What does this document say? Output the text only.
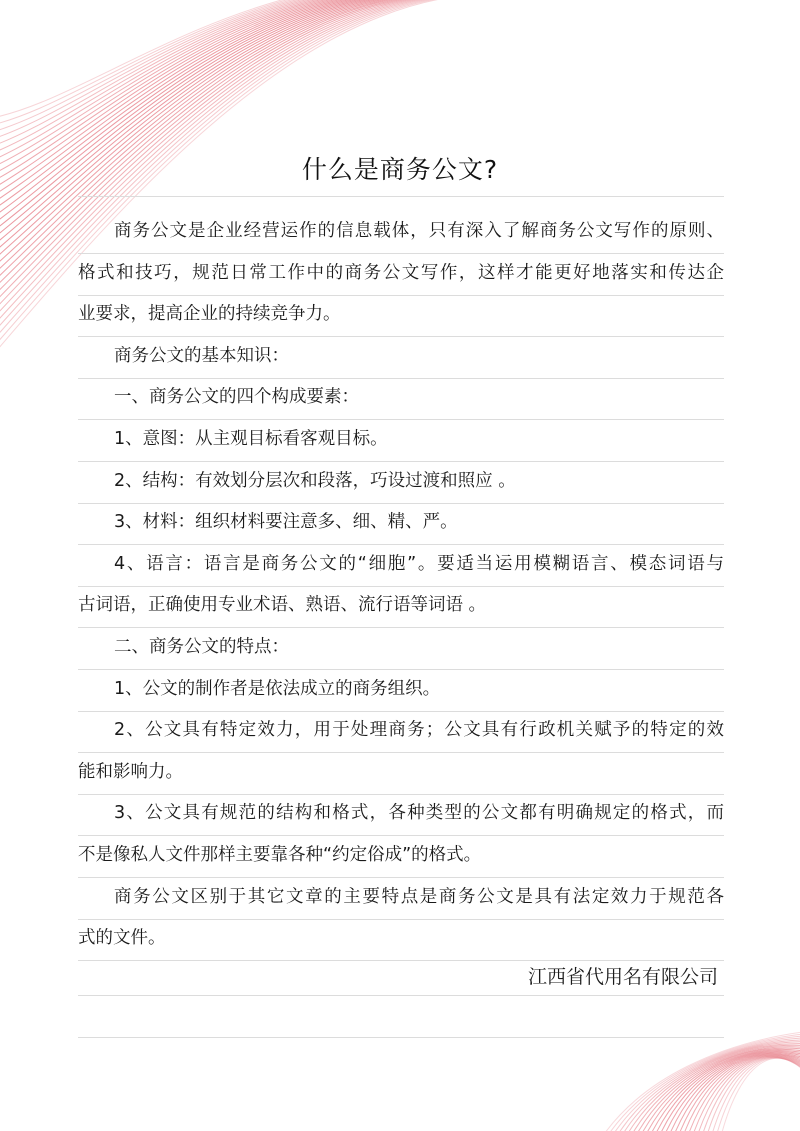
什么是商务公文?
商务公文是企业经营运作的信息载体，只有深入了解商务公文写作的原则、
格式和技巧，规范日常工作中的商务公文写作，这样才能更好地落实和传达企
业要求，提高企业的持续竞争力。
商务公文的基本知识：
一、商务公文的四个构成要素：
1、意图：从主观目标看客观目标。
2、结构：有效划分层次和段落，巧设过渡和照应 。
3、材料：组织材料要注意多、细、精、严。
4、语言：语言是商务公文的“细胞”。要适当运用模糊语言、模态词语与
古词语，正确使用专业术语、熟语、流行语等词语 。
二、商务公文的特点：
1、公文的制作者是依法成立的商务组织。
2、公文具有特定效力，用于处理商务；公文具有行政机关赋予的特定的效
能和影响力。
3、公文具有规范的结构和格式，各种类型的公文都有明确规定的格式，而
不是像私人文件那样主要靠各种“约定俗成”的格式。
商务公文区别于其它文章的主要特点是商务公文是具有法定效力于规范各
式的文件。
江西省代用名有限公司
